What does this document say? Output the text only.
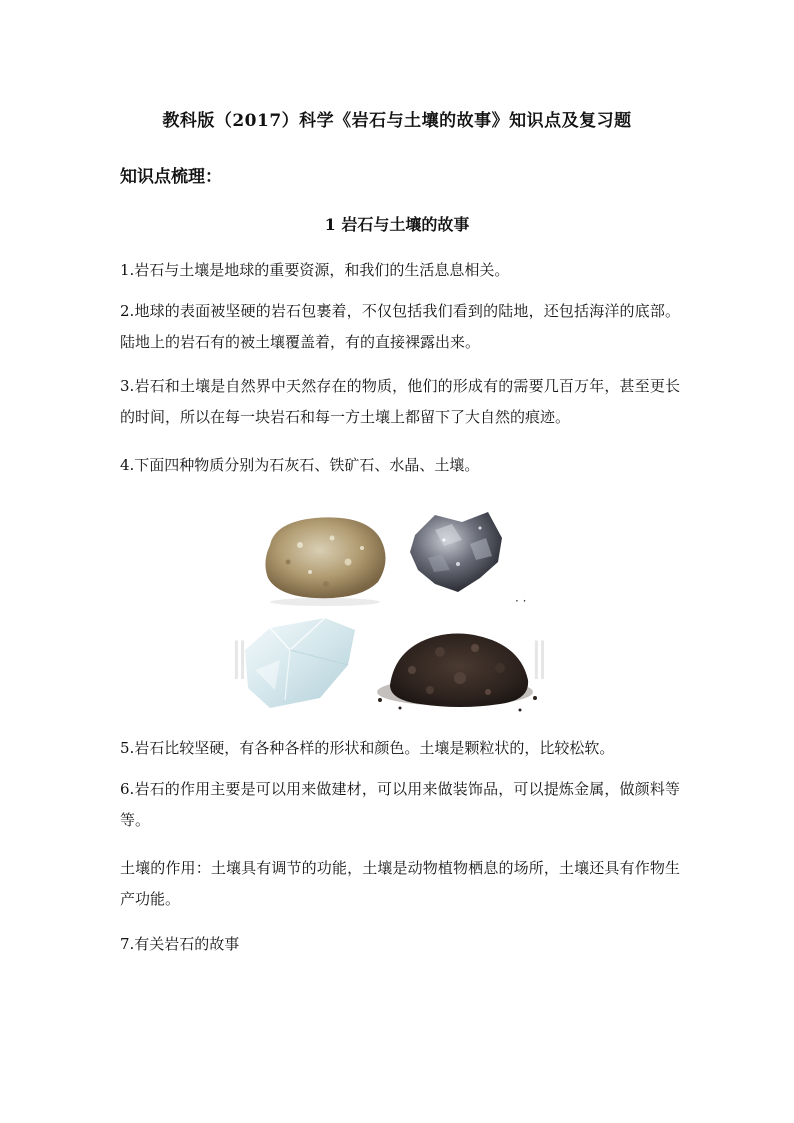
教科版（2017）科学《岩石与土壤的故事》知识点及复习题
知识点梳理：
1 岩石与土壤的故事
1.岩石与土壤是地球的重要资源，和我们的生活息息相关。
2.地球的表面被坚硬的岩石包裹着，不仅包括我们看到的陆地，还包括海洋的底部。陆地上的岩石有的被土壤覆盖着，有的直接裸露出来。
3.岩石和土壤是自然界中天然存在的物质，他们的形成有的需要几百万年，甚至更长的时间，所以在每一块岩石和每一方土壤上都留下了大自然的痕迹。
4.下面四种物质分别为石灰石、铁矿石、水晶、土壤。
· ·
‖	‖
5.岩石比较坚硬，有各种各样的形状和颜色。土壤是颗粒状的，比较松软。
6.岩石的作用主要是可以用来做建材，可以用来做装饰品，可以提炼金属，做颜料等等。
土壤的作用：土壤具有调节的功能，土壤是动物植物栖息的场所，土壤还具有作物生产功能。
7.有关岩石的故事
